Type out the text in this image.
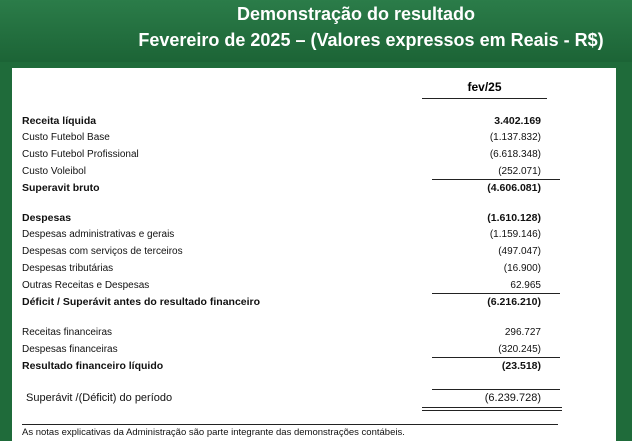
Demonstração do resultado
Fevereiro de 2025 – (Valores expressos em Reais - R$)
fev/25
Receita líquida	3.402.169
Custo Futebol Base	(1.137.832)
Custo Futebol Profissional	(6.618.348)
Custo Voleibol	(252.071)
Superavit bruto	(4.606.081)
Despesas	(1.610.128)
Despesas administrativas e gerais	(1.159.146)
Despesas com serviços de terceiros	(497.047)
Despesas tributárias	(16.900)
Outras Receitas e Despesas	62.965
Déficit / Superávit antes do resultado financeiro	(6.216.210)
Receitas financeiras	296.727
Despesas financeiras	(320.245)
Resultado financeiro líquido	(23.518)
Superávit /(Déficit) do período	(6.239.728)
As notas explicativas da Administração são parte integrante das demonstrações contábeis.
